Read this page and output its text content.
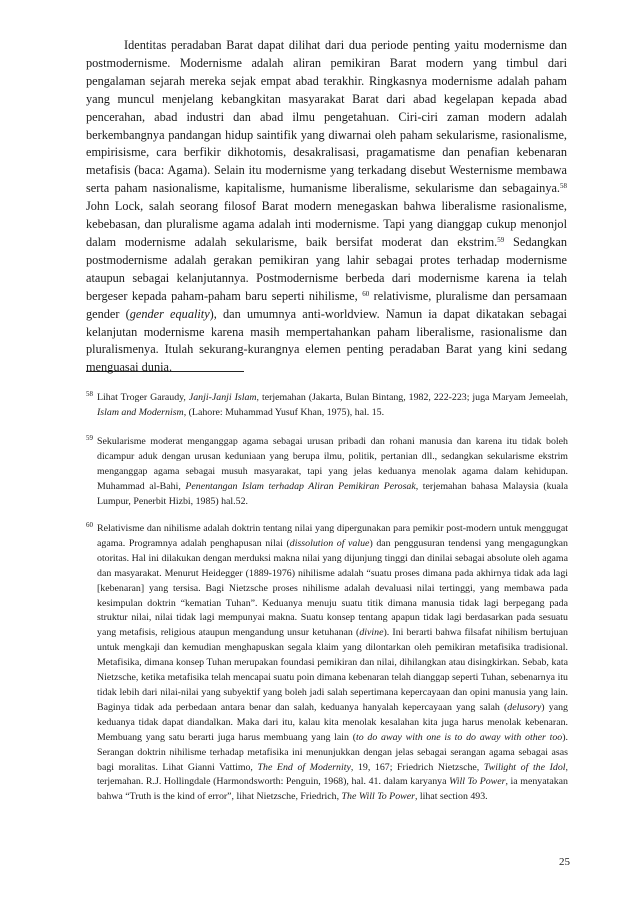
Identitas peradaban Barat dapat dilihat dari dua periode penting yaitu modernisme dan postmodernisme. Modernisme adalah aliran pemikiran Barat modern yang timbul dari pengalaman sejarah mereka sejak empat abad terakhir. Ringkasnya modernisme adalah paham yang muncul menjelang kebangkitan masyarakat Barat dari abad kegelapan kepada abad pencerahan, abad industri dan abad ilmu pengetahuan. Ciri-ciri zaman modern adalah berkembangnya pandangan hidup saintifik yang diwarnai oleh paham sekularisme, rasionalisme, empirisisme, cara berfikir dikhotomis, desakralisasi, pragamatisme dan penafian kebenaran metafisis (baca: Agama). Selain itu modernisme yang terkadang disebut Westernisme membawa serta paham nasionalisme, kapitalisme, humanisme liberalisme, sekularisme dan sebagainya.$^{58}$ John Lock, salah seorang filosof Barat modern menegaskan bahwa liberalisme rasionalisme, kebebasan, dan pluralisme agama adalah inti modernisme. Tapi yang dianggap cukup menonjol dalam modernisme adalah sekularisme, baik bersifat moderat dan ekstrim.$^{59}$ Sedangkan postmodernisme adalah gerakan pemikiran yang lahir sebagai protes terhadap modernisme ataupun sebagai kelanjutannya. Postmodernisme berbeda dari modernisme karena ia telah bergeser kepada paham-paham baru seperti nihilisme, $^{60}$ relativisme, pluralisme dan persamaan gender (gender equality), dan umumnya anti-worldview. Namun ia dapat dikatakan sebagai kelanjutan modernisme karena masih mempertahankan paham liberalisme, rasionalisme dan pluralismenya. Itulah sekurang-kurangnya elemen penting peradaban Barat yang kini sedang menguasai dunia.

$^{58}$ Lihat Troger Garaudy, Janji-Janji Islam, terjemahan (Jakarta, Bulan Bintang, 1982, 222-223; juga Maryam Jemeelah, Islam and Modernism, (Lahore: Muhammad Yusuf Khan, 1975), hal. 15.
$^{59}$ Sekularisme moderat menganggap agama sebagai urusan pribadi dan rohani manusia dan karena itu tidak boleh dicampur aduk dengan urusan keduniaan yang berupa ilmu, politik, pertanian dll., sedangkan sekularisme ekstrim menganggap agama sebagai musuh masyarakat, tapi yang jelas keduanya menolak agama dalam kehidupan. Muhammad al-Bahi, Penentangan Islam terhadap Aliran Pemikiran Perosak, terjemahan bahasa Malaysia (kuala Lumpur, Penerbit Hizbi, 1985) hal.52.
$^{60}$ Relativisme dan nihilisme adalah doktrin tentang nilai yang dipergunakan para pemikir post-modern untuk menggugat agama. Programnya adalah penghapusan nilai (dissolution of value) dan penggusuran tendensi yang mengagungkan otoritas. Hal ini dilakukan dengan merduksi makna nilai yang dijunjung tinggi dan dinilai sebagai absolute oleh agama dan masyarakat. Menurut Heidegger (1889-1976) nihilisme adalah “suatu proses dimana pada akhirnya tidak ada lagi [kebenaran] yang tersisa. Bagi Nietzsche proses nihilisme adalah devaluasi nilai tertinggi, yang membawa pada kesimpulan doktrin “kematian Tuhan”. Keduanya menuju suatu titik dimana manusia tidak lagi berpegang pada struktur nilai, nilai tidak lagi mempunyai makna. Suatu konsep tentang apapun tidak lagi berdasarkan pada sesuatu yang metafisis, religious ataupun mengandung unsur ketuhanan (divine). Ini berarti bahwa filsafat nihilism bertujuan untuk mengkaji dan kemudian menghapuskan segala klaim yang dilontarkan oleh pemikiran metafisika tradisional. Metafisika, dimana konsep Tuhan merupakan foundasi pemikiran dan nilai, dihilangkan atau disingkirkan. Sebab, kata Nietzsche, ketika metafisika telah mencapai suatu poin dimana kebenaran telah dianggap seperti Tuhan, sebenarnya itu tidak lebih dari nilai-nilai yang subyektif yang boleh jadi salah sepertimana kepercayaan dan opini manusia yang lain. Baginya tidak ada perbedaan antara benar dan salah, keduanya hanyalah kepercayaan yang salah (delusory) yang keduanya tidak dapat diandalkan. Maka dari itu, kalau kita menolak kesalahan kita juga harus menolak kebenaran. Membuang yang satu berarti juga harus membuang yang lain (to do away with one is to do away with other too). Serangan doktrin nihilisme terhadap metafisika ini menunjukkan dengan jelas sebagai serangan agama sebagai asas bagi moralitas. Lihat Gianni Vattimo, The End of Modernity, 19, 167; Friedrich Nietzsche, Twilight of the Idol, terjemahan. R.J. Hollingdale (Harmondsworth: Penguin, 1968), hal. 41. dalam karyanya Will To Power, ia menyatakan bahwa “Truth is the kind of error”, lihat Nietzsche, Friedrich, The Will To Power, lihat section 493.
25
